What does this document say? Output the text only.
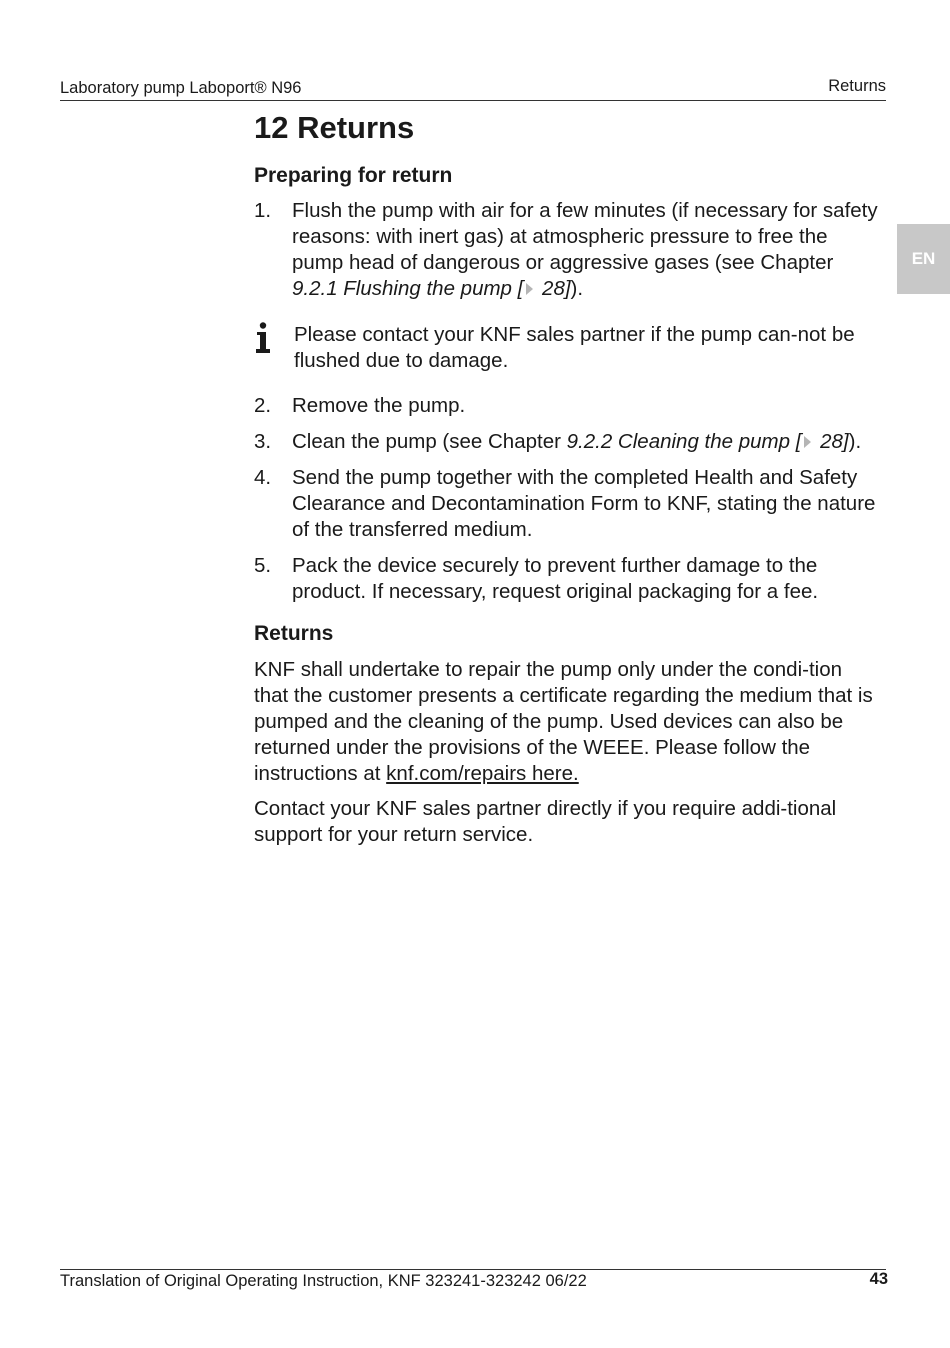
Laboratory pump Laboport® N96	Returns
EN
12 Returns
Preparing for return
1.	Flush the pump with air for a few minutes (if necessary for safety reasons: with inert gas) at atmospheric pressure to free the pump head of dangerous or aggressive gases (see Chapter 9.2.1 Flushing the pump [ 28]).
Please contact your KNF sales partner if the pump can-not be flushed due to damage.
2.	Remove the pump.
3.	Clean the pump (see Chapter 9.2.2 Cleaning the pump [ 28]).
4.	Send the pump together with the completed Health and Safety Clearance and Decontamination Form to KNF, stating the nature of the transferred medium.
5.	Pack the device securely to prevent further damage to the product. If necessary, request original packaging for a fee.
Returns

KNF shall undertake to repair the pump only under the condi-tion that the customer presents a certificate regarding the medium that is pumped and the cleaning of the pump. Used devices can also be returned under the provisions of the WEEE. Please follow the instructions at knf.com/repairs here.

Contact your KNF sales partner directly if you require addi-tional support for your return service.

Translation of Original Operating Instruction, KNF 323241-323242 06/22	43
